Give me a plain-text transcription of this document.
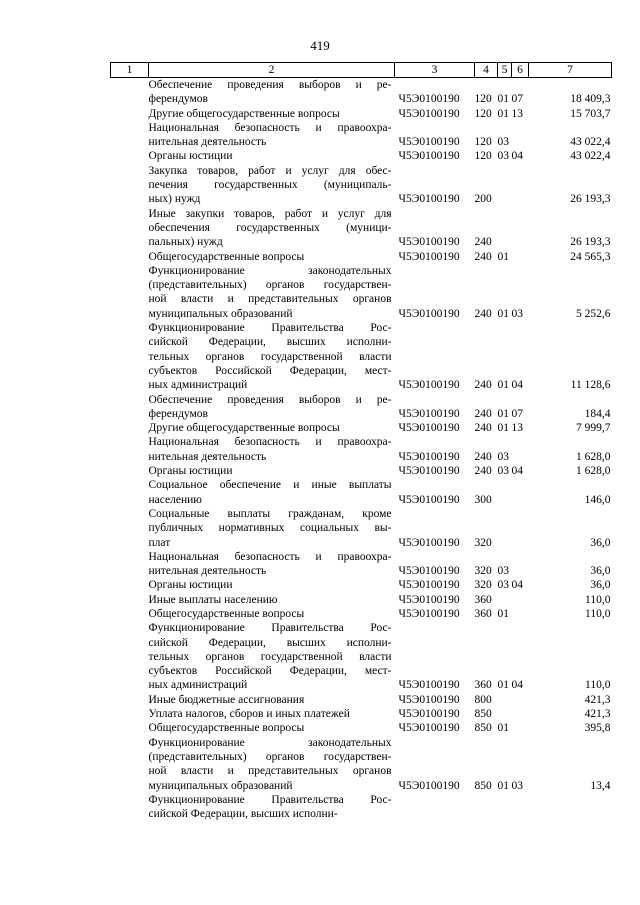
419
1	2	3	4	5	6	7

	Обеспечение проведения выборов и ре-
ферендумов	Ч5Э0100190	120	01	07	18 409,3

	Другие общегосударственные вопросы	Ч5Э0100190	120	01	13	15 703,7

	Национальная безопасность и правоохра-
нительная деятельность	Ч5Э0100190	120	03		43 022,4

	Органы юстиции	Ч5Э0100190	120	03	04	43 022,4

	Закупка товаров, работ и услуг для обес-
печения государственных (муниципаль-
ных) нужд	Ч5Э0100190	200			26 193,3

	Иные закупки товаров, работ и услуг для
обеспечения государственных (муници-
пальных) нужд	Ч5Э0100190	240			26 193,3

	Общегосударственные вопросы	Ч5Э0100190	240	01		24 565,3

	Функционирование законодательных
(представительных) органов государствен-
ной власти и представительных органов
муниципальных образований	Ч5Э0100190	240	01	03	5 252,6

	Функционирование Правительства Рос-
сийской Федерации, высших исполни-
тельных органов государственной власти
субъектов Российской Федерации, мест-
ных администраций	Ч5Э0100190	240	01	04	11 128,6

	Обеспечение проведения выборов и ре-
ферендумов	Ч5Э0100190	240	01	07	184,4

	Другие общегосударственные вопросы	Ч5Э0100190	240	01	13	7 999,7

	Национальная безопасность и правоохра-
нительная деятельность	Ч5Э0100190	240	03		1 628,0

	Органы юстиции	Ч5Э0100190	240	03	04	1 628,0

	Социальное обеспечение и иные выплаты
населению	Ч5Э0100190	300			146,0

	Социальные выплаты гражданам, кроме
публичных нормативных социальных вы-
плат	Ч5Э0100190	320			36,0

	Национальная безопасность и правоохра-
нительная деятельность	Ч5Э0100190	320	03		36,0

	Органы юстиции	Ч5Э0100190	320	03	04	36,0

	Иные выплаты населению	Ч5Э0100190	360			110,0

	Общегосударственные вопросы	Ч5Э0100190	360	01		110,0

	Функционирование Правительства Рос-
сийской Федерации, высших исполни-
тельных органов государственной власти
субъектов Российской Федерации, мест-
ных администраций	Ч5Э0100190	360	01	04	110,0

	Иные бюджетные ассигнования	Ч5Э0100190	800			421,3

	Уплата налогов, сборов и иных платежей	Ч5Э0100190	850			421,3

	Общегосударственные вопросы	Ч5Э0100190	850	01		395,8

	Функционирование законодательных
(представительных) органов государствен-
ной власти и представительных органов
муниципальных образований	Ч5Э0100190	850	01	03	13,4

	Функционирование Правительства Рос-
сийской Федерации, высших исполни-					
